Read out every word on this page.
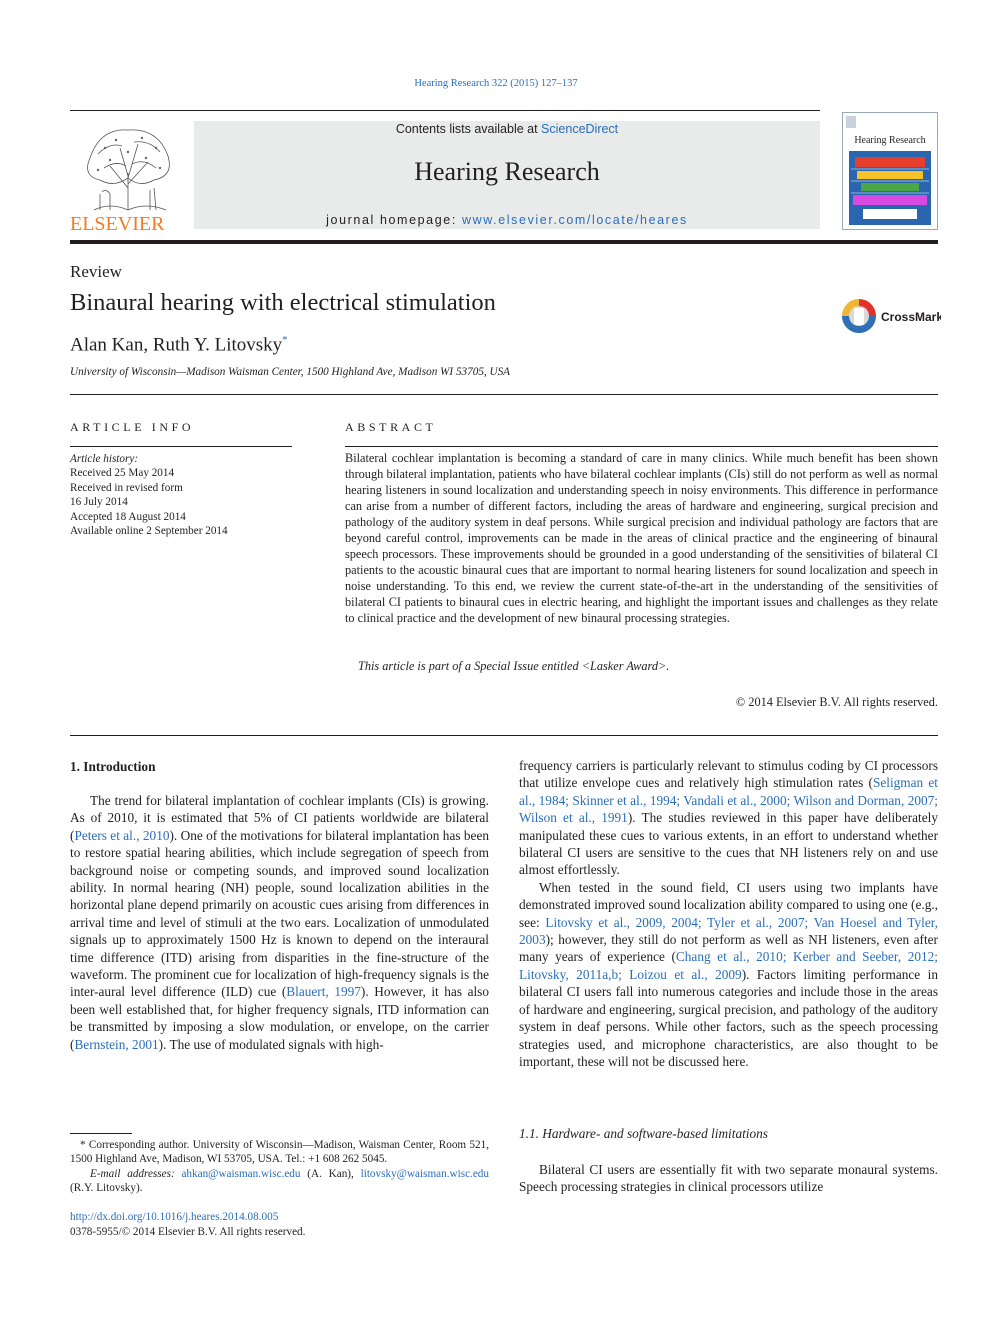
Hearing Research 322 (2015) 127–137
ELSEVIER
Contents lists available at ScienceDirect
Hearing Research
journal homepage: www.elsevier.com/locate/heares
Hearing Research
Review
Binaural hearing with electrical stimulation
CrossMark
Alan Kan, Ruth Y. Litovsky*
University of Wisconsin—Madison Waisman Center, 1500 Highland Ave, Madison WI 53705, USA
ARTICLE INFO
Article history:
Received 25 May 2014
Received in revised form
16 July 2014
Accepted 18 August 2014
Available online 2 September 2014
ABSTRACT
Bilateral cochlear implantation is becoming a standard of care in many clinics. While much benefit has been shown through bilateral implantation, patients who have bilateral cochlear implants (CIs) still do not perform as well as normal hearing listeners in sound localization and understanding speech in noisy environments. This difference in performance can arise from a number of different factors, including the areas of hardware and engineering, surgical precision and pathology of the auditory system in deaf persons. While surgical precision and individual pathology are factors that are beyond careful control, improvements can be made in the areas of clinical practice and the engineering of binaural speech processors. These improvements should be grounded in a good understanding of the sensitivities of bilateral CI patients to the acoustic binaural cues that are important to normal hearing listeners for sound localization and speech in noise understanding. To this end, we review the current state-of-the-art in the understanding of the sensitivities of bilateral CI patients to binaural cues in electric hearing, and highlight the important issues and challenges as they relate to clinical practice and the development of new binaural processing strategies.
This article is part of a Special Issue entitled <Lasker Award>.
© 2014 Elsevier B.V. All rights reserved.
1. Introduction

The trend for bilateral implantation of cochlear implants (CIs) is growing. As of 2010, it is estimated that 5% of CI patients worldwide are bilateral (Peters et al., 2010). One of the motivations for bilateral implantation has been to restore spatial hearing abilities, which include segregation of speech from background noise or competing sounds, and improved sound localization ability. In normal hearing (NH) people, sound localization abilities in the horizontal plane depend primarily on acoustic cues arising from differences in arrival time and level of stimuli at the two ears. Localization of unmodulated signals up to approximately 1500 Hz is known to depend on the interaural time difference (ITD) arising from disparities in the fine-structure of the waveform. The prominent cue for localization of high-frequency signals is the inter-aural level difference (ILD) cue (Blauert, 1997). However, it has also been well established that, for higher frequency signals, ITD information can be transmitted by imposing a slow modulation, or envelope, on the carrier (Bernstein, 2001). The use of modulated signals with high-

frequency carriers is particularly relevant to stimulus coding by CI processors that utilize envelope cues and relatively high stimulation rates (Seligman et al., 1984; Skinner et al., 1994; Vandali et al., 2000; Wilson and Dorman, 2007; Wilson et al., 1991). The studies reviewed in this paper have deliberately manipulated these cues to various extents, in an effort to understand whether bilateral CI users are sensitive to the cues that NH listeners rely on and use almost effortlessly.

When tested in the sound field, CI users using two implants have demonstrated improved sound localization ability compared to using one (e.g., see: Litovsky et al., 2009, 2004; Tyler et al., 2007; Van Hoesel and Tyler, 2003); however, they still do not perform as well as NH listeners, even after many years of experience (Chang et al., 2010; Kerber and Seeber, 2012; Litovsky, 2011a,b; Loizou et al., 2009). Factors limiting performance in bilateral CI users fall into numerous categories and include those in the areas of hardware and engineering, surgical precision, and pathology of the auditory system in deaf persons. While other factors, such as the speech processing strategies used, and microphone characteristics, are also thought to be important, these will not be discussed here.

1.1. Hardware- and software-based limitations

Bilateral CI users are essentially fit with two separate monaural systems. Speech processing strategies in clinical processors utilize

* Corresponding author. University of Wisconsin—Madison, Waisman Center, Room 521, 1500 Highland Ave, Madison, WI 53705, USA. Tel.: +1 608 262 5045.
E-mail addresses: ahkan@waisman.wisc.edu (A. Kan), litovsky@waisman.wisc.edu (R.Y. Litovsky).
http://dx.doi.org/10.1016/j.heares.2014.08.005
0378-5955/© 2014 Elsevier B.V. All rights reserved.
